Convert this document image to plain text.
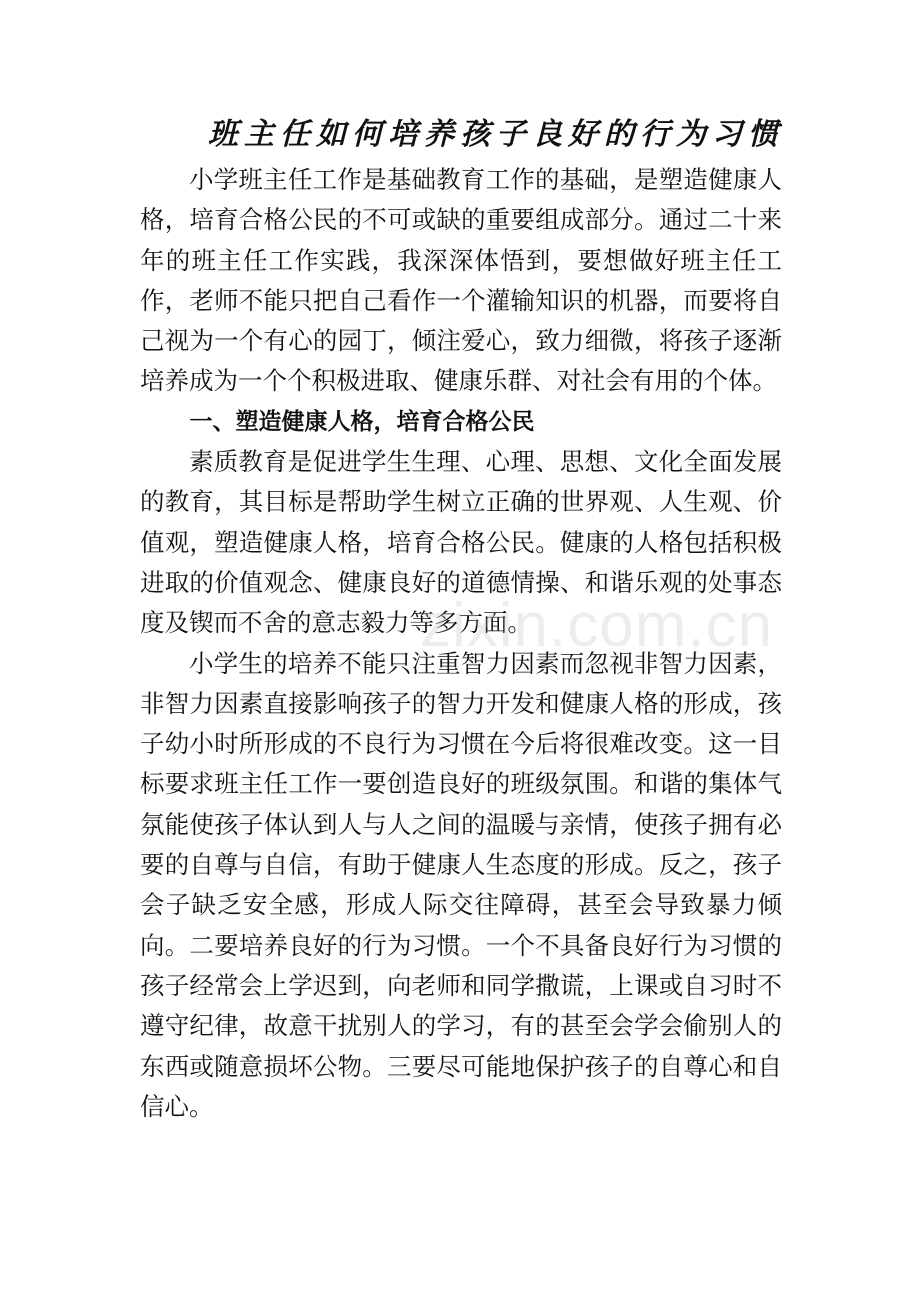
班主任如何培养孩子良好的行为习惯

小学班主任工作是基础教育工作的基础，是塑造健康人格，培育合格公民的不可或缺的重要组成部分。通过二十来年的班主任工作实践，我深深体悟到，要想做好班主任工作，老师不能只把自己看作一个灌输知识的机器，而要将自己视为一个有心的园丁，倾注爱心，致力细微，将孩子逐渐培养成为一个个积极进取、健康乐群、对社会有用的个体。

一、塑造健康人格，培育合格公民

素质教育是促进学生生理、心理、思想、文化全面发展的教育，其目标是帮助学生树立正确的世界观、人生观、价值观，塑造健康人格，培育合格公民。健康的人格包括积极进取的价值观念、健康良好的道德情操、和谐乐观的处事态度及锲而不舍的意志毅力等多方面。

小学生的培养不能只注重智力因素而忽视非智力因素，非智力因素直接影响孩子的智力开发和健康人格的形成，孩子幼小时所形成的不良行为习惯在今后将很难改变。这一目标要求班主任工作一要创造良好的班级氛围。和谐的集体气氛能使孩子体认到人与人之间的温暖与亲情，使孩子拥有必要的自尊与自信，有助于健康人生态度的形成。反之，孩子会子缺乏安全感，形成人际交往障碍，甚至会导致暴力倾向。二要培养良好的行为习惯。一个不具备良好行为习惯的孩子经常会上学迟到，向老师和同学撒谎，上课或自习时不遵守纪律，故意干扰别人的学习，有的甚至会学会偷别人的东西或随意损坏公物。三要尽可能地保护孩子的自尊心和自信心。

zixin.com.cn
